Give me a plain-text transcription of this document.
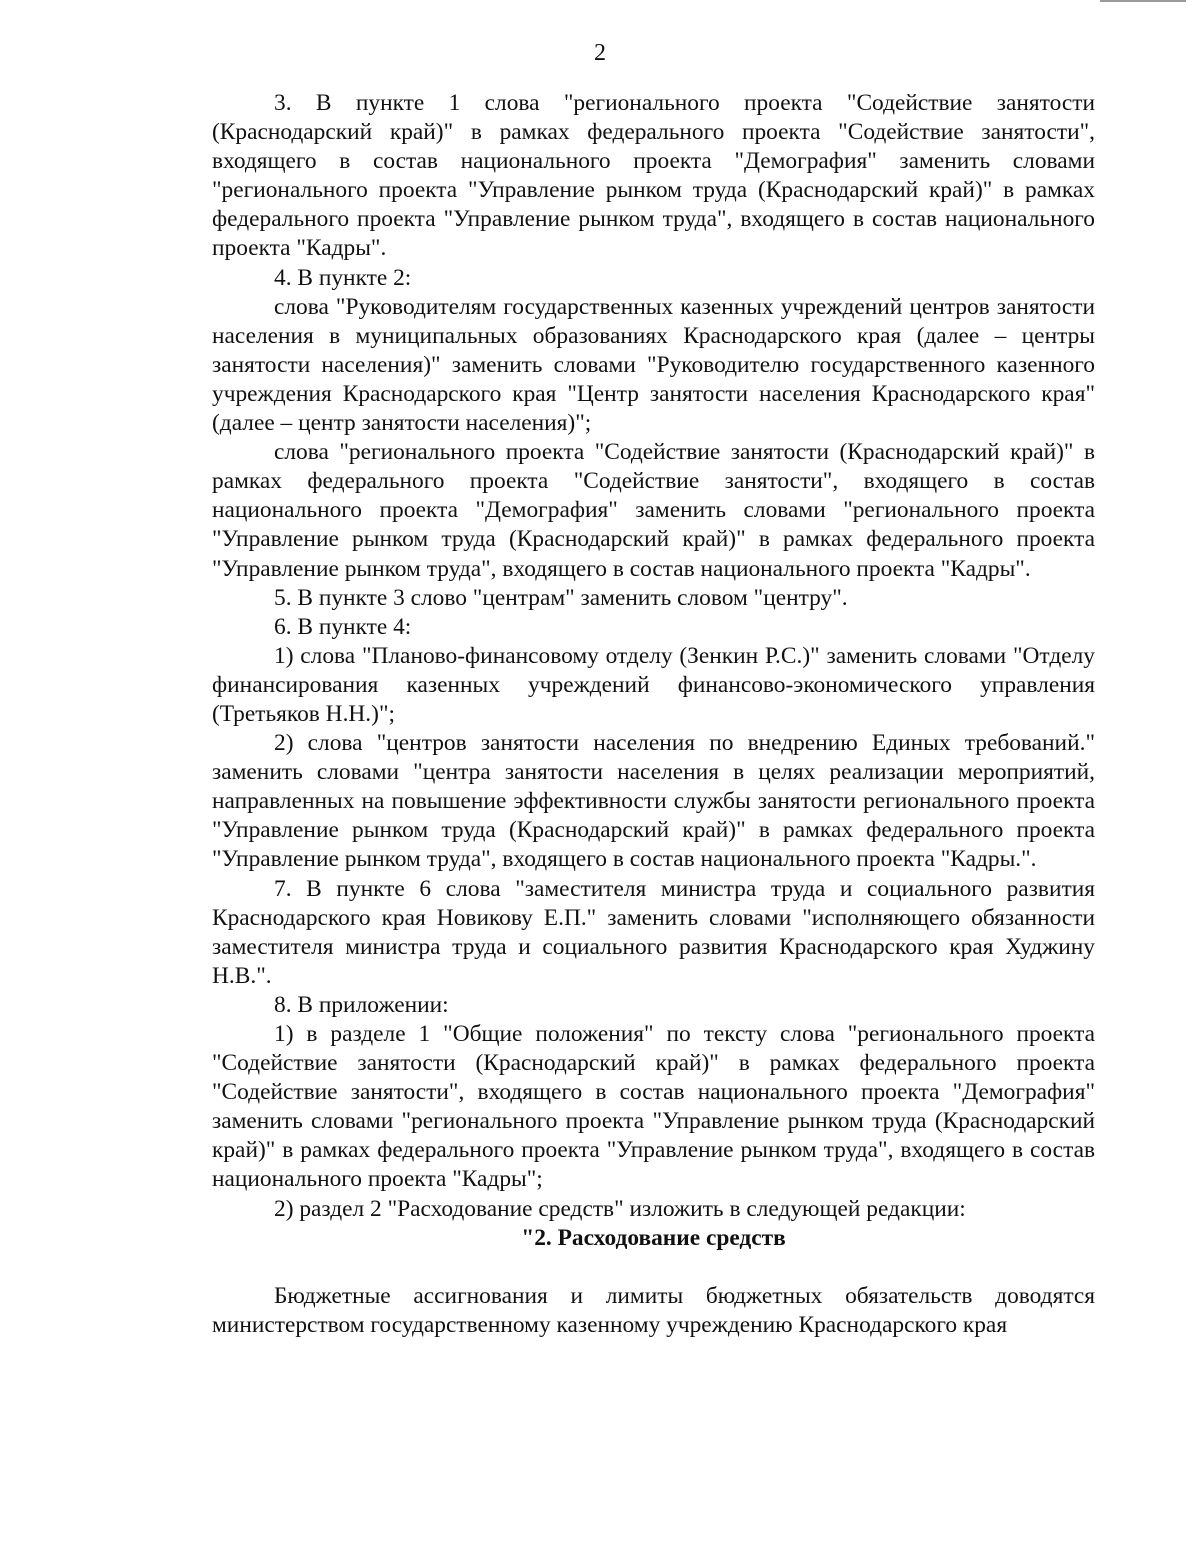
2

3. В пункте 1 слова "регионального проекта "Содействие занятости (Краснодарский край)" в рамках федерального проекта "Содействие занятости", входящего в состав национального проекта "Демография" заменить словами "регионального проекта "Управление рынком труда (Краснодарский край)" в рамках федерального проекта "Управление рынком труда", входящего в состав национального проекта "Кадры".

4. В пункте 2:

слова "Руководителям государственных казенных учреждений центров занятости населения в муниципальных образованиях Краснодарского края (далее – центры занятости населения)" заменить словами "Руководителю государственного казенного учреждения Краснодарского края "Центр занятости населения Краснодарского края" (далее – центр занятости населения)";

слова "регионального проекта "Содействие занятости (Краснодарский край)" в рамках федерального проекта "Содействие занятости", входящего в состав национального проекта "Демография" заменить словами "регионального проекта "Управление рынком труда (Краснодарский край)" в рамках федерального проекта "Управление рынком труда", входящего в состав национального проекта "Кадры".

5. В пункте 3 слово "центрам" заменить словом "центру".

6. В пункте 4:

1) слова "Планово-финансовому отделу (Зенкин Р.С.)" заменить словами "Отделу финансирования казенных учреждений финансово-экономического управления (Третьяков Н.Н.)";

2) слова "центров занятости населения по внедрению Единых требований." заменить словами "центра занятости населения в целях реализации мероприятий, направленных на повышение эффективности службы занятости регионального проекта "Управление рынком труда (Краснодарский край)" в рамках федерального проекта "Управление рынком труда", входящего в состав национального проекта "Кадры.".

7. В пункте 6 слова "заместителя министра труда и социального развития Краснодарского края Новикову Е.П." заменить словами "исполняющего обязанности заместителя министра труда и социального развития Краснодарского края Худжину Н.В.".

8. В приложении:

1) в разделе 1 "Общие положения" по тексту слова "регионального проекта "Содействие занятости (Краснодарский край)" в рамках федерального проекта "Содействие занятости", входящего в состав национального проекта "Демография" заменить словами "регионального проекта "Управление рынком труда (Краснодарский край)" в рамках федерального проекта "Управление рынком труда", входящего в состав национального проекта "Кадры";

2) раздел 2 "Расходование средств" изложить в следующей редакции:

"2. Расходование средств

Бюджетные ассигнования и лимиты бюджетных обязательств доводятся министерством государственному казенному учреждению Краснодарского края
